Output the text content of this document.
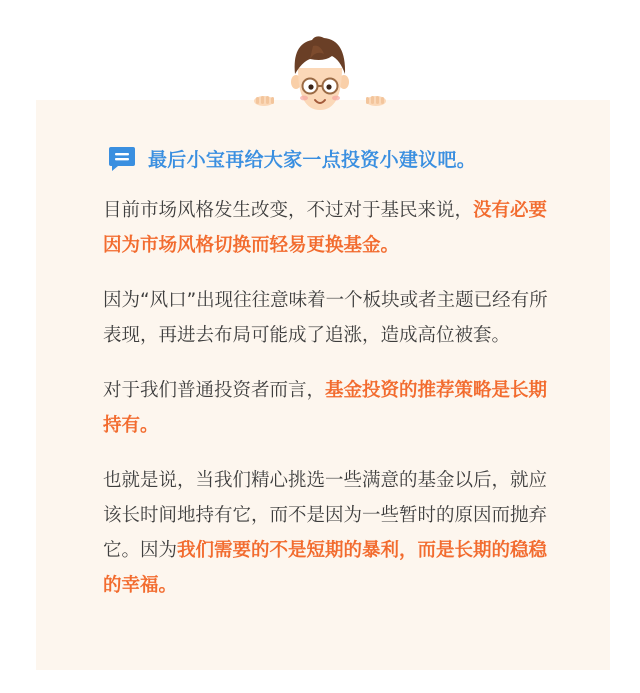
最后小宝再给大家一点投资小建议吧。

目前市场风格发生改变，不过对于基民来说，没有必要因为市场风格切换而轻易更换基金。

因为“风口”出现往往意味着一个板块或者主题已经有所表现，再进去布局可能成了追涨，造成高位被套。

对于我们普通投资者而言，基金投资的推荐策略是长期持有。

也就是说，当我们精心挑选一些满意的基金以后，就应该长时间地持有它，而不是因为一些暂时的原因而抛弃它。因为我们需要的不是短期的暴利，而是长期的稳稳的幸福。
